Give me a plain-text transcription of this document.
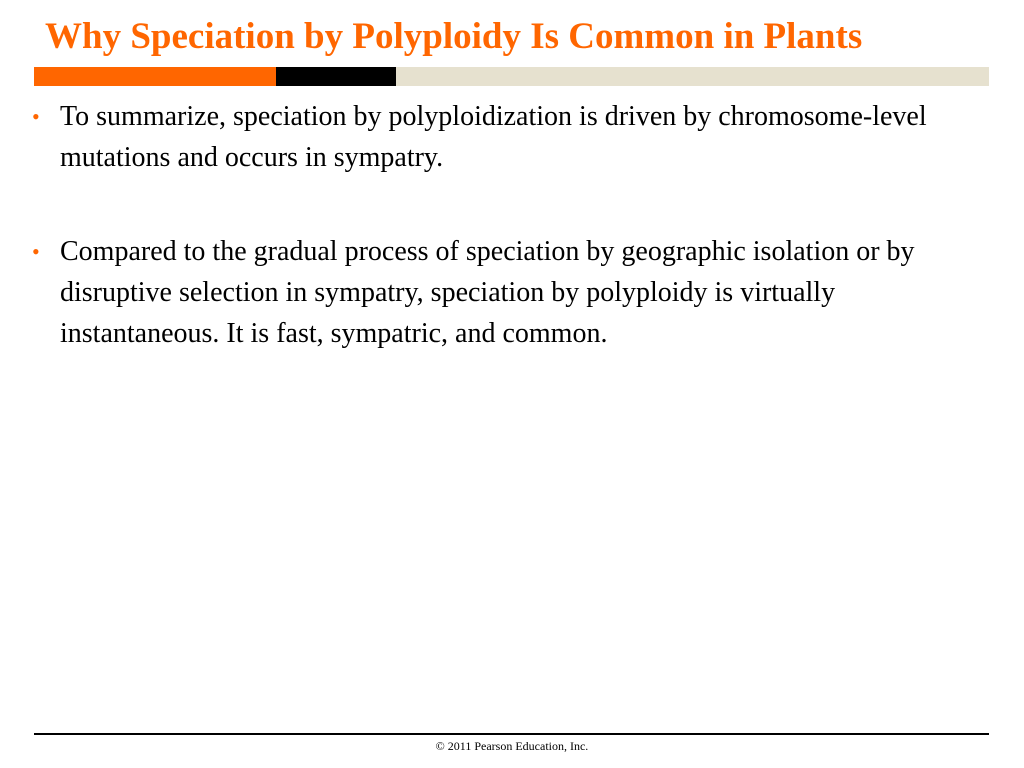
Why Speciation by Polyploidy Is Common in Plants
• To summarize, speciation by polyploidization is driven by chromosome-level mutations and occurs in sympatry.
• Compared to the gradual process of speciation by geographic isolation or by disruptive selection in sympatry, speciation by polyploidy is virtually instantaneous. It is fast, sympatric, and common.
© 2011 Pearson Education, Inc.
